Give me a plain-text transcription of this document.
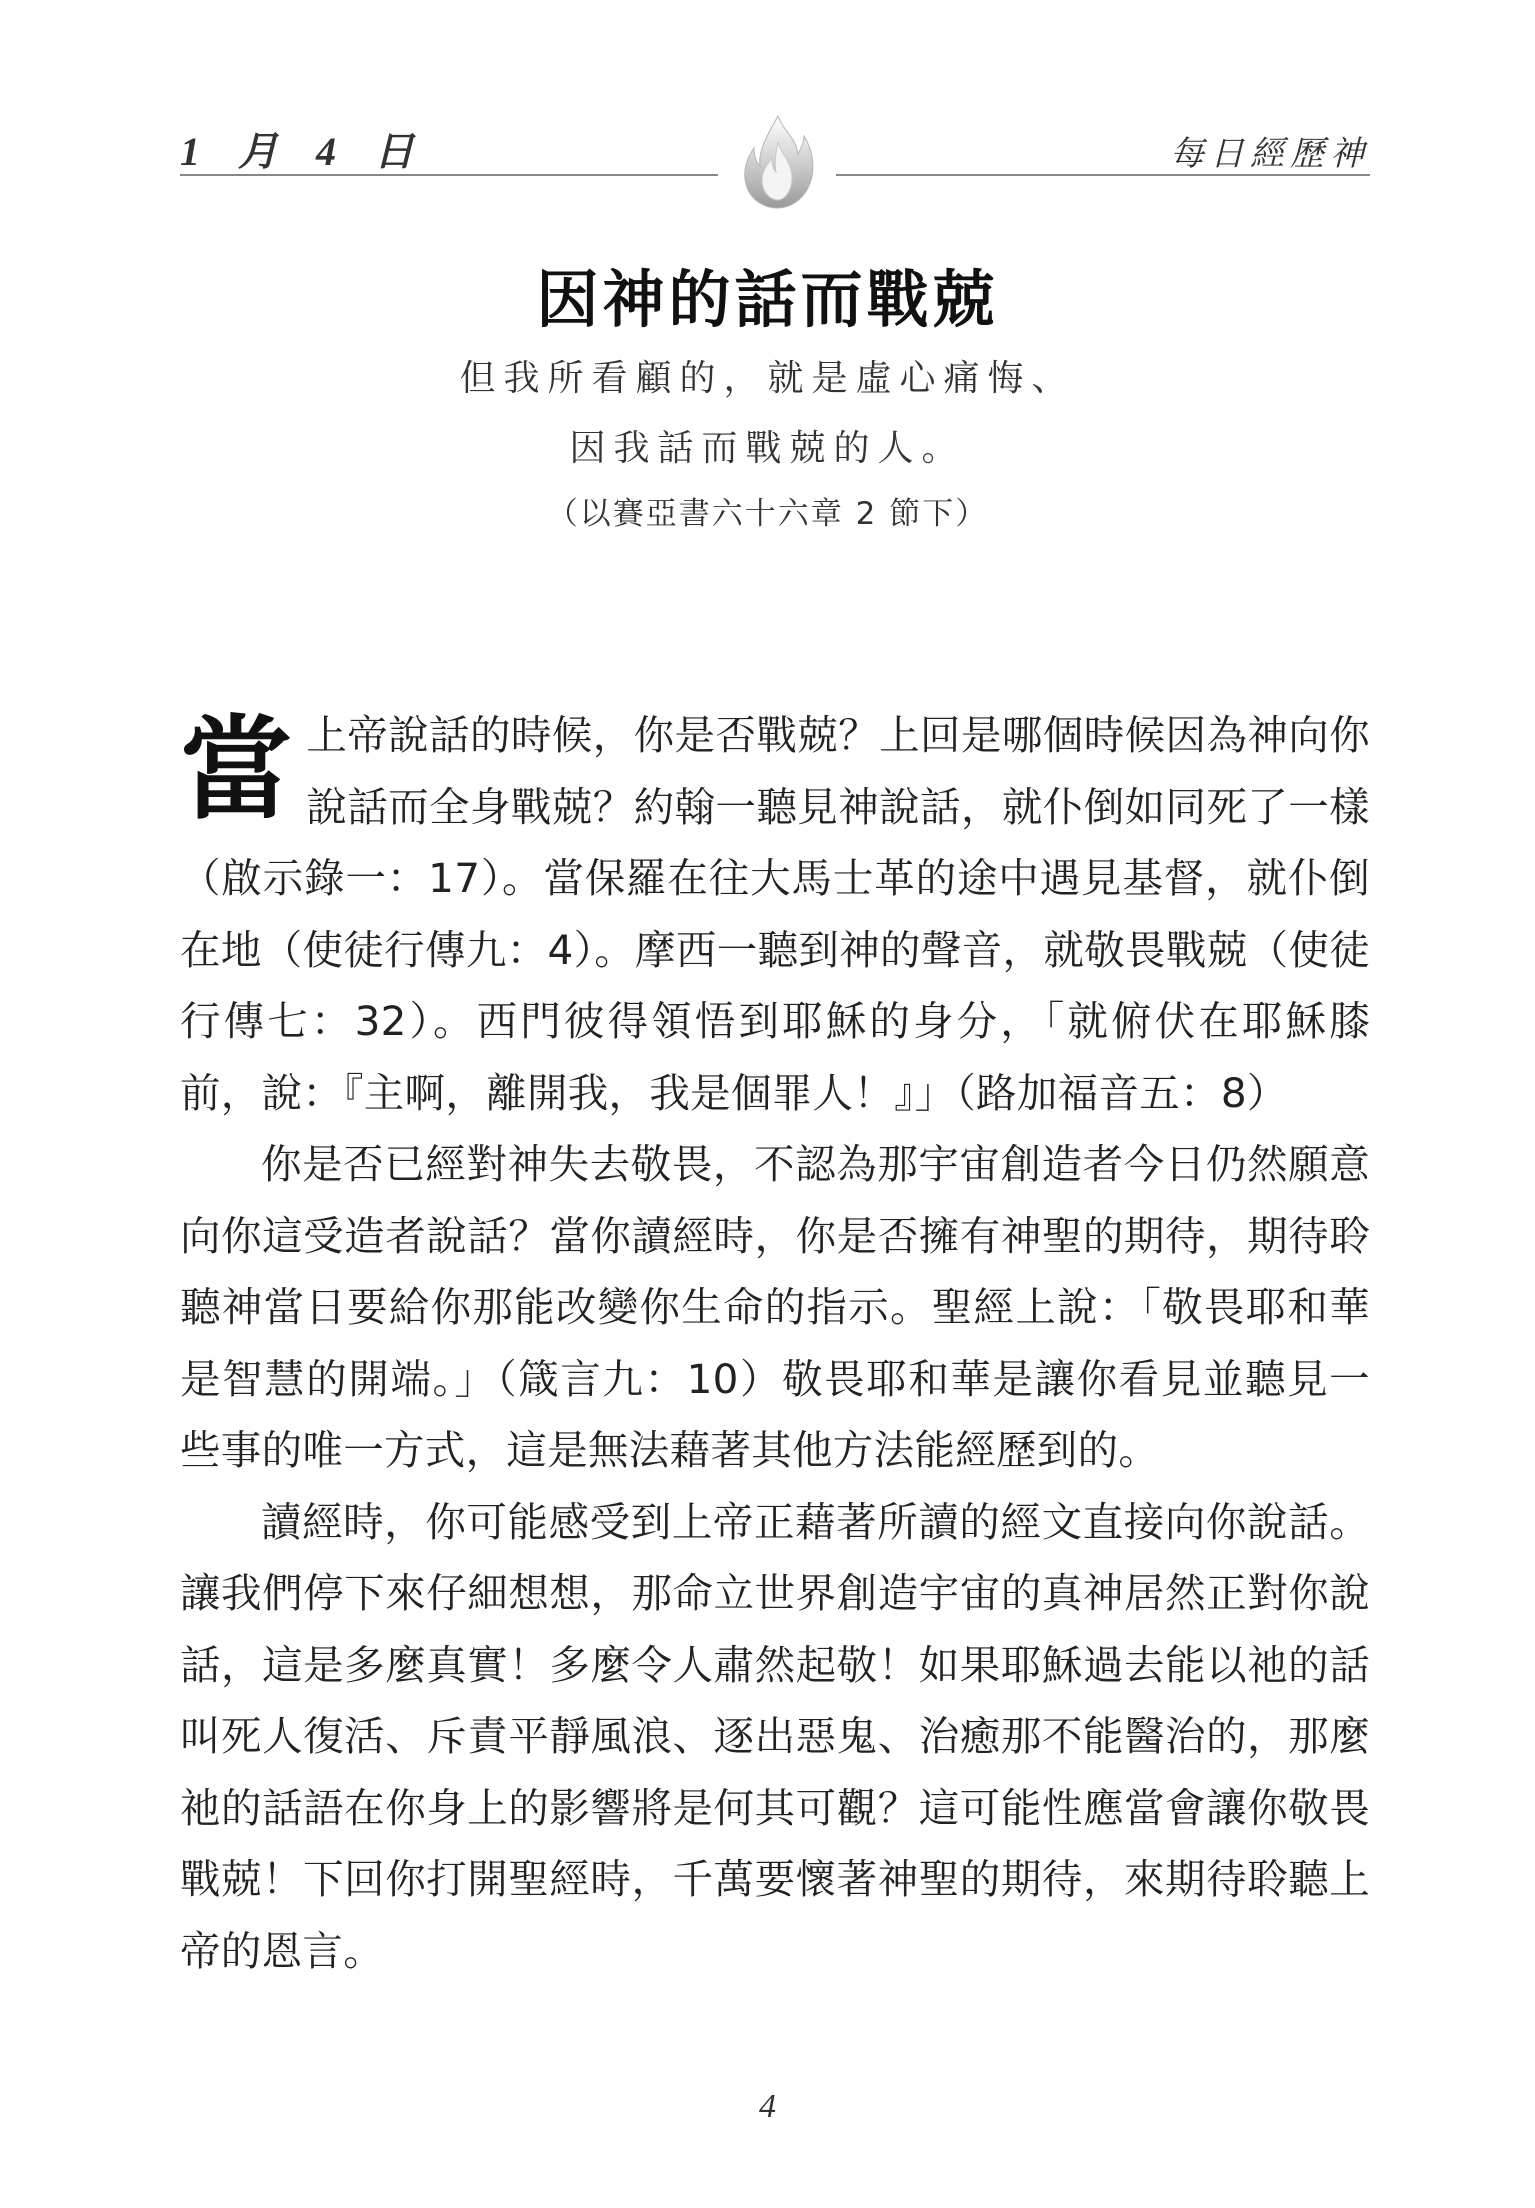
1 月 4 日	每日經歷神
因神的話而戰兢
但我所看顧的，就是虛心痛悔、
因我話而戰兢的人。
（以賽亞書六十六章 2 節下）

當上帝說話的時候，你是否戰兢？上回是哪個時候因為神向你說話而全身戰兢？約翰一聽見神說話，就仆倒如同死了一樣（啟示錄一：17）。當保羅在往大馬士革的途中遇見基督，就仆倒在地（使徒行傳九：4）。摩西一聽到神的聲音，就敬畏戰兢（使徒行傳七：32）。西門彼得領悟到耶穌的身分，「就俯伏在耶穌膝前，說：『主啊，離開我，我是個罪人！』」（路加福音五：8）

你是否已經對神失去敬畏，不認為那宇宙創造者今日仍然願意向你這受造者說話？當你讀經時，你是否擁有神聖的期待，期待聆聽神當日要給你那能改變你生命的指示。聖經上說：「敬畏耶和華是智慧的開端。」（箴言九：10）敬畏耶和華是讓你看見並聽見一些事的唯一方式，這是無法藉著其他方法能經歷到的。

讀經時，你可能感受到上帝正藉著所讀的經文直接向你說話。讓我們停下來仔細想想，那命立世界創造宇宙的真神居然正對你說話，這是多麼真實！多麼令人肅然起敬！如果耶穌過去能以祂的話叫死人復活、斥責平靜風浪、逐出惡鬼、治癒那不能醫治的，那麼祂的話語在你身上的影響將是何其可觀？這可能性應當會讓你敬畏戰兢！下回你打開聖經時，千萬要懷著神聖的期待，來期待聆聽上帝的恩言。

4
